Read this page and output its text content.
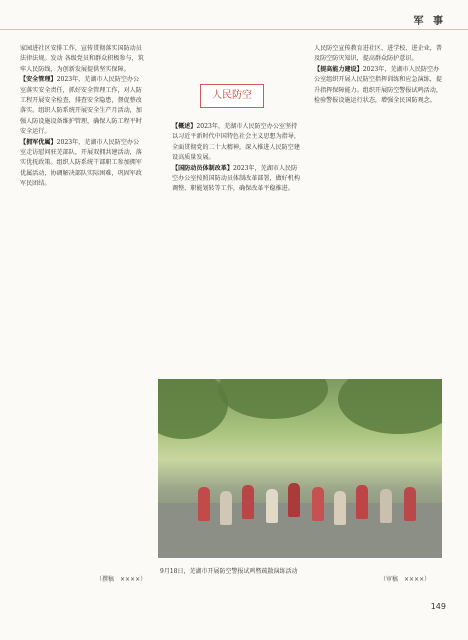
军 事

家园进社区安排工作，宣传贯彻落实国防动员法律法规。发动 各级党员和群众积极参与，筑牢人民防线，为创新发展提供坚实保障。

【安全管理】2023年，芜湖市人民防空办公室落实安全责任，抓好安全管理工作，对人防工程开展安全检查，排查安全隐患，督促整改落实。组织人防系统开展安全生产月活动，加强人防设施设备维护管理，确保人防工程平时安全运行。

【拥军优属】2023年，芜湖市人民防空办公室走访慰问驻芜部队，开展双拥共建活动，落实优抚政策。组织人防系统干部职工参加拥军优属活动，协调解决部队实际困难，巩固军政军民团结。

人民防空

【概述】2023年，芜湖市人民防空办公室坚持以习近平新时代中国特色社会主义思想为指导，全面贯彻党的二十大精神，深入推进人民防空建设高质量发展。

【国防动员体制改革】2023年，芜湖市人民防空办公室按照国防动员体制改革部署，做好机构调整、职能划转等工作，确保改革平稳推进。

人民防空宣传教育进社区、进学校、进企业，普及防空防灾知识，提高群众防护意识。

【提高能力建设】2023年，芜湖市人民防空办公室组织开展人民防空指挥训练和应急演练，提升指挥保障能力。组织开展防空警报试鸣活动，检验警报设施运行状态，增强全民国防观念。

9月18日，芜湖市开展防空警报试鸣暨疏散演练活动
（撰稿　××××）	（审稿　××××）
149
